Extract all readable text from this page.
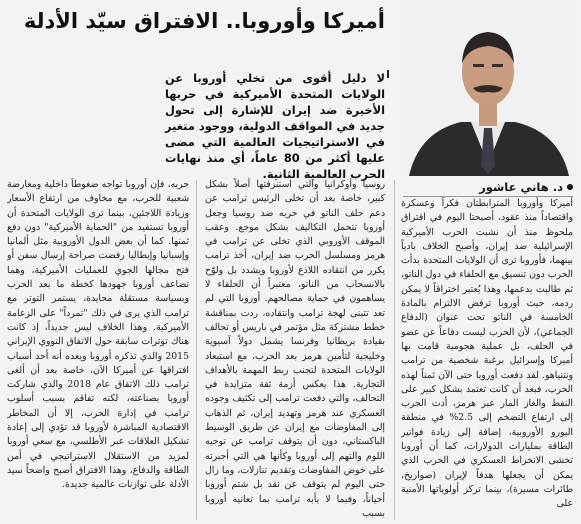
أميركا وأوروبا.. الافتراق سيّد الأدلة
لا دليل أقوى من تخلي أوروبا عن الولايات المتحدة الأميركية في حربها الأخيرة ضد إيران للإشارة إلى تحول جديد في المواقف الدولية، ووجود متغير في الاستراتيجيات العالمية التي مضى عليها أكثر من 80 عاماً، أي منذ نهايات الحرب العالمية الثانية.
د. هاني عاشور

أميركا وأوروبا المترابطتان فكراً وعسكرة واقتصاداً منذ عقود، أصبحتا اليوم في افتراق ملحوظ منذ أن نشبت الحرب الأميركية الإسرائيلية ضد إيران، وأصبح الخلاف بادياً بينهما، فأوروبا ترى أن الولايات المتحدة بدأت الحرب دون تنسيق مع الحلفاء في دول الناتو، ثم طالبت بدعمها، وهذا يُعتبر اختراقاً لا يمكن ردمه، حيث أوروبا ترفض الالتزام بالمادة الخامسة في الناتو تحت عنوان (الدفاع الجماعي)، لأن الحرب ليست دفاعاً عن عضو في الحلف، بل عملية هجومية قامت بها أميركا وإسرائيل برغبة شخصية من ترامب ونتنياهو. لقد دفعت أوروبا حتى الآن ثمناً لهذه الحرب، فبعد أن كانت تعتمد بشكل كبير على النفط والغاز المار عبر هرمز، أدت الحرب إلى ارتفاع التضخم إلى 2.5% في منطقة اليورو الأوروبية، إضافة إلى زيادة فواتير الطاقة بمليارات الدولارات، كما أن أوروبا تخشى الانخراط العسكري في الحرب الذي يمكن أن يجعلها هدفاً لإيران (صواريخ، طائرات مسيرة)، بينما تركز أولوياتها الأمنية على

روسيا وأوكرانيا والتي استنزفتها أصلاً بشكل كبير، خاصة بعد أن تخلى الرئيس ترامب عن دعم حلف الناتو في حربه ضد روسيا وجعل أوروبا تتحمل التكاليف بشكل موجع. وعقب الموقف الأوروبي الذي تخلى عن ترامب في هرمز ومسلسل الحرب ضد إيران، أخذ ترامب يكرر من انتقاده اللاذع لأوروبا ويشدد بل ولوّح بالانسحاب من الناتو، معتبراً أن الحلفاء لا يساهمون في حماية مصالحهم. أوروبا التي لم تعد تتبنى لهجة ترامب وانتقاده، ردت بمناقشة خطط مشتركة مثل مؤتمر في باريس أو تحالف بقيادة بريطانيا وفرنسا يشمل دولاً آسيوية وخليجية لتأمين هرمز بعد الحرب، مع استبعاد الولايات المتحدة لتجنب ربط المهمة بالأهداف التجارية. هذا يعكس أزمة ثقة متزايدة في التحالف، والتي دفعت ترامب إلى تكثيف وجوده العسكري عند هرمز وتهديد إيران، ثم الذهاب إلى المفاوضات مع إيران عن طريق الوسيط الباكستاني، دون أن يتوقف ترامب عن توجيه اللوم والتهم إلى أوروبا وكأنها هي التي أجبرته على خوض المفاوضات وتقديم تنازلات، وما زال حتى اليوم لم يتوقف عن نقد بل شتم أوروبا أحياناً، وفيما لا يأبه ترامب بما تعانيه أوروبا بسبب

حربه، فإن أوروبا تواجه ضغوطاً داخلية ومعارضة شعبية للحرب، مع مخاوف من ارتفاع الأسعار وزيادة اللاجئين، بينما ترى الولايات المتحدة أن أوروبا تستفيد من "الحماية الأميركية" دون دفع ثمنها. كما أن بعض الدول الأوروبية مثل ألمانيا وإسبانيا وإيطاليا رفضت صراحة إرسال سفن أو فتح مجالها الجوي للعمليات الأميركية، وهما تضاعف أوروبا جهودها كخطة ما بعد الحرب وبسياسة مستقلة محايدة، يستمر التوتر مع ترامب الذي يرى في ذلك "تمرداً" على الزعامة الأميركية. وهذا الخلاف ليس جديداً، إذ كانت هناك توترات سابقة حول الاتفاق النووي الإيراني 2015 والذي تذكره أوروبا ويعده أنه أحد أسباب افتراقها عن أميركا الآن، خاصة بعد أن ألغى ترامب ذلك الاتفاق عام 2018 والذي شاركت أوروبا بصناعته، لكنه تفاقم بسبب أسلوب ترامب في إدارة الحرب، إلا أن المخاطر الاقتصادية المباشرة لأوروبا قد تؤدي إلى إعادة تشكيل العلاقات عبر الأطلسي، مع سعي أوروبا لمزيد من الاستقلال الاستراتيجي في أمن الطاقة والدفاع، وهذا الافتراق أصبح واضحاً سيد الأدلة على توازنات عالمية جديدة.
